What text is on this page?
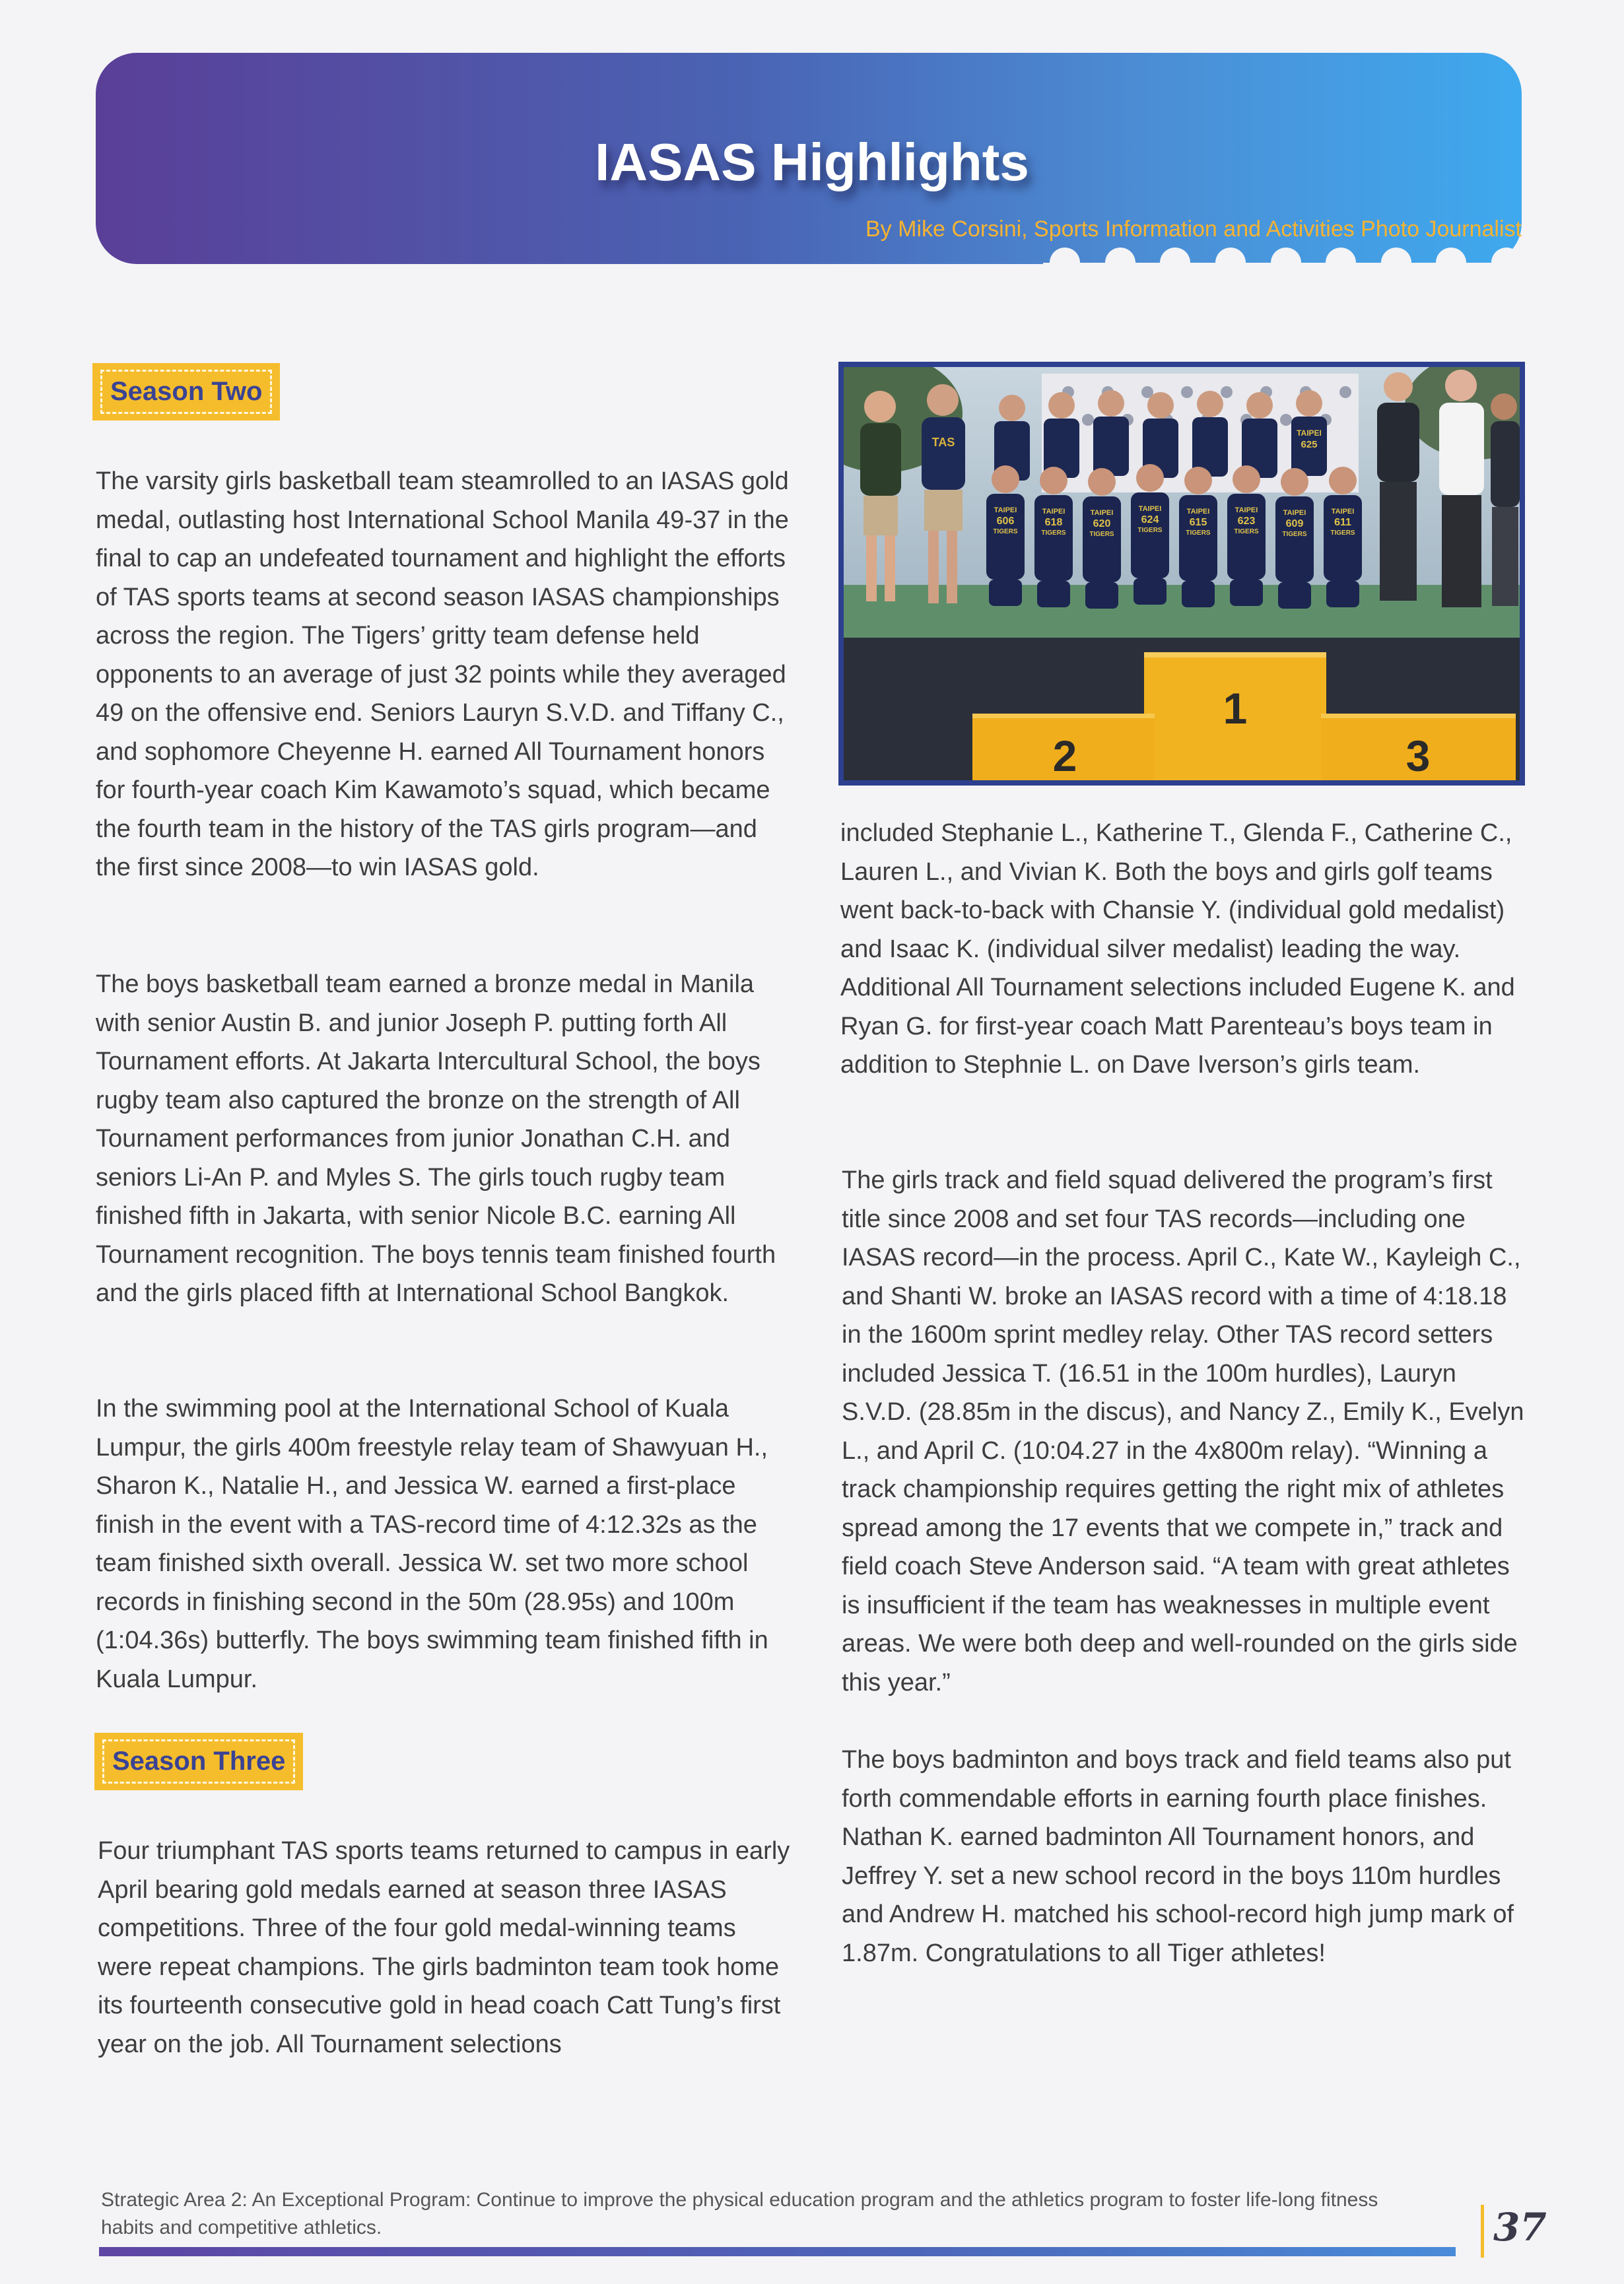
IASAS Highlights
By Mike Corsini, Sports Information and Activities Photo Journalist
Season Two

The varsity girls basketball team steamrolled to an IASAS gold medal, outlasting host International School Manila 49-37 in the final to cap an undefeated tournament and highlight the efforts of TAS sports teams at second season IASAS championships across the region. The Tigers’ gritty team defense held opponents to an average of just 32 points while they averaged 49 on the offensive end. Seniors Lauryn S.V.D. and Tiffany C., and sophomore Cheyenne H. earned All Tournament honors for fourth-year coach Kim Kawamoto’s squad, which became the fourth team in the history of the TAS girls program—and the first since 2008—to win IASAS gold.

The boys basketball team earned a bronze medal in Manila with senior Austin B. and junior Joseph P. putting forth All Tournament efforts. At Jakarta Intercultural School, the boys rugby team also captured the bronze on the strength of All Tournament performances from junior Jonathan C.H. and seniors Li-An P. and Myles S. The girls touch rugby team finished fifth in Jakarta, with senior Nicole B.C. earning All Tournament recognition. The boys tennis team finished fourth and the girls placed fifth at International School Bangkok.

In the swimming pool at the International School of Kuala Lumpur, the girls 400m freestyle relay team of Shawyuan H., Sharon K., Natalie H., and Jessica W. earned a first-place finish in the event with a TAS-record time of 4:12.32s as the team finished sixth overall. Jessica W. set two more school records in finishing second in the 50m (28.95s) and 100m (1:04.36s) butterfly. The boys swimming team finished fifth in Kuala Lumpur.

Season Three

Four triumphant TAS sports teams returned to campus in early April bearing gold medals earned at season three IASAS competitions. Three of the four gold medal-winning teams were repeat champions. The girls badminton team took home its fourteenth consecutive gold in head coach Catt Tung’s first year on the job. All Tournament selections

TAS
TAIPEI
625
TAIPEI
606
TIGERS
TAIPEI
618
TIGERS
TAIPEI
620
TIGERS
TAIPEI
624
TIGERS
TAIPEI
615
TIGERS
TAIPEI
623
TIGERS
TAIPEI
609
TIGERS
TAIPEI
611
TIGERS
2
1
3

included Stephanie L., Katherine T., Glenda F., Catherine C., Lauren L., and Vivian K. Both the boys and girls golf teams went back-to-back with Chansie Y. (individual gold medalist) and Isaac K. (individual silver medalist) leading the way. Additional All Tournament selections included Eugene K. and Ryan G. for first-year coach Matt Parenteau’s boys team in addition to Stephnie L. on Dave Iverson’s girls team.

The girls track and field squad delivered the program’s first title since 2008 and set four TAS records—including one IASAS record—in the process. April C., Kate W., Kayleigh C., and Shanti W. broke an IASAS record with a time of 4:18.18 in the 1600m sprint medley relay. Other TAS record setters included Jessica T. (16.51 in the 100m hurdles), Lauryn S.V.D. (28.85m in the discus), and Nancy Z., Emily K., Evelyn L., and April C. (10:04.27 in the 4x800m relay). “Winning a track championship requires getting the right mix of athletes spread among the 17 events that we compete in,” track and field coach Steve Anderson said. “A team with great athletes is insufficient if the team has weaknesses in multiple event areas. We were both deep and well-rounded on the girls side this year.”

The boys badminton and boys track and field teams also put forth commendable efforts in earning fourth place finishes. Nathan K. earned badminton All Tournament honors, and Jeffrey Y. set a new school record in the boys 110m hurdles and Andrew H. matched his school-record high jump mark of 1.87m. Congratulations to all Tiger athletes!

Strategic Area 2: An Exceptional Program: Continue to improve the physical education program and the athletics program to foster life-long fitness habits and competitive athletics.	37
